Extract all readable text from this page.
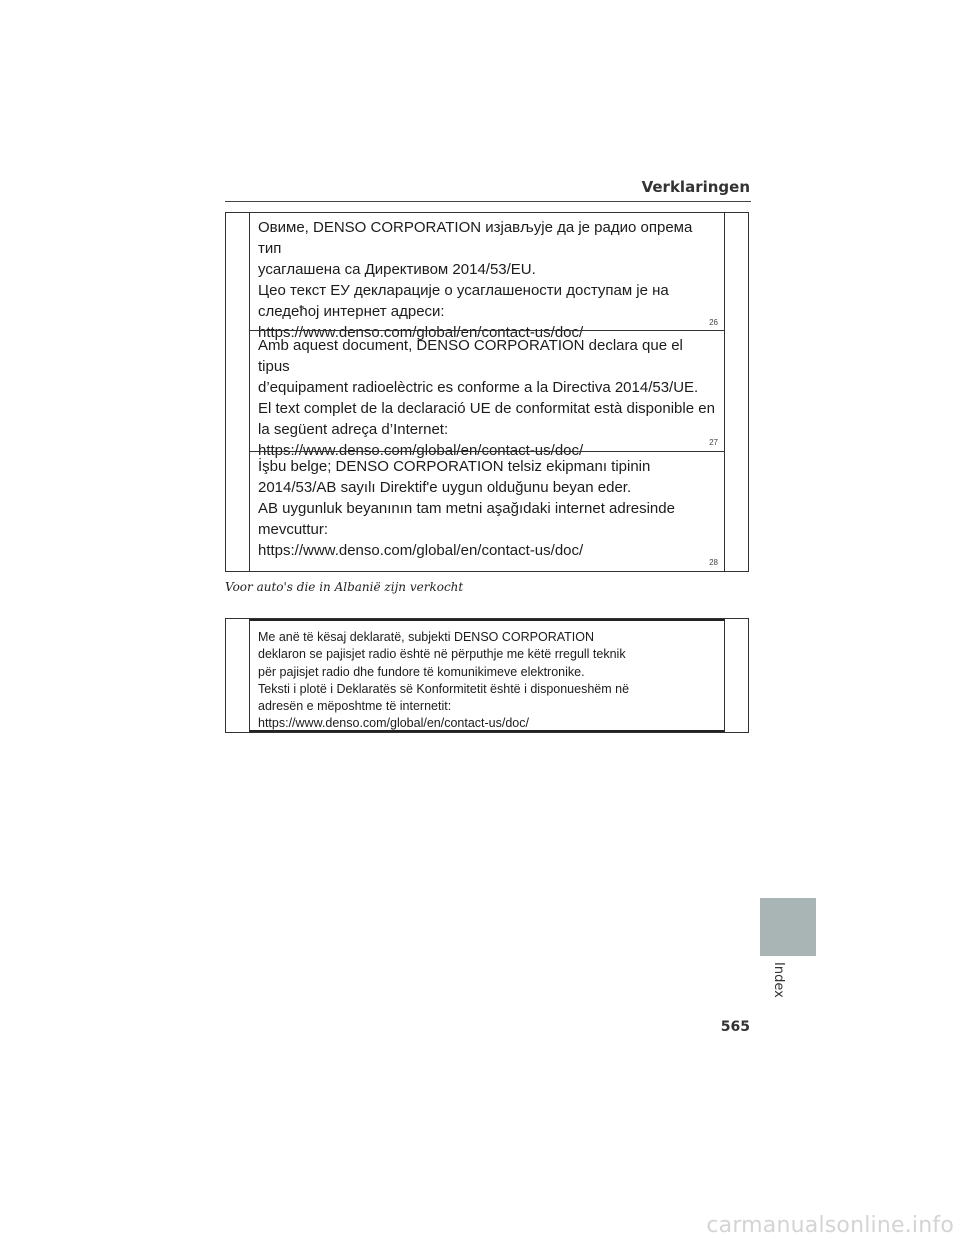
Verklaringen

Овиме, DENSO CORPORATION изјављује да је радио опрема тип

усаглашена са Директивом 2014/53/EU.

Цео текст ЕУ декларације о усаглашености доступам је на

следећој интернет адреси:

https://www.denso.com/global/en/contact-us/doc/

26

Amb aquest document, DENSO CORPORATION declara que el tipus

d’equipament radioelèctric es conforme a la Directiva 2014/53/UE.

El text complet de la declaració UE de conformitat està disponible en

la següent adreça d’Internet:

https://www.denso.com/global/en/contact-us/doc/	27

İşbu belge; DENSO CORPORATION telsiz ekipmanı tipinin

2014/53/AB sayılı Direktif'e uygun olduğunu beyan eder.

AB uygunluk beyanının tam metni aşağıdaki internet adresinde

mevcuttur:

https://www.denso.com/global/en/contact-us/doc/

28
Voor auto's die in Albanië zijn verkocht

Me anë të kësaj deklaratë, subjekti DENSO CORPORATION
deklaron se pajisjet radio është në përputhje me këtë rregull teknik
për pajisjet radio dhe fundore të komunikimeve elektronike.
Teksti i plotë i Deklaratës së Konformitetit është i disponueshëm në
adresën e mëposhtme të internetit:
https://www.denso.com/global/en/contact-us/doc/

Index
565
carmanualsonline.info
